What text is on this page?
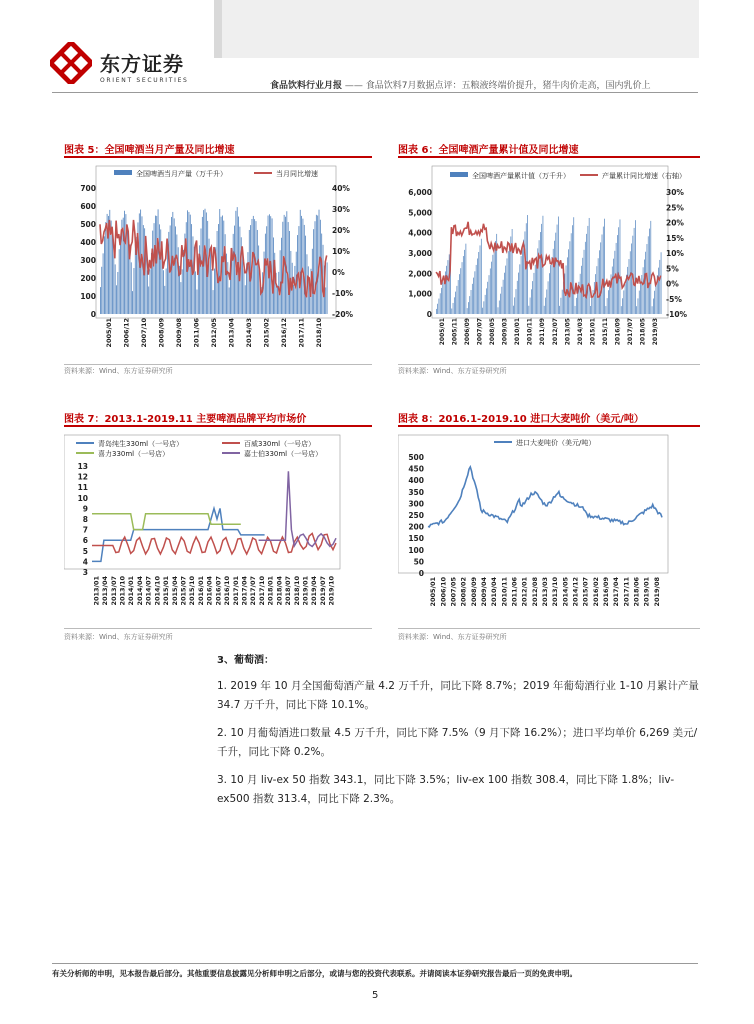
东方证券
ORIENT SECURITIES
食品饮料行业月报 —— 食品饮料7月数据点评：五粮液终端价提升，猪牛肉价走高，国内乳价上
图表 5：全国啤酒当月产量及同比增速
全国啤酒当月产量（万千升）	当月同比增速
700
600
500
400
300
200
100
0
40%
30%
20%
10%
0%
-10%
-20%
2005/01 2006/12 2007/10 2008/09 2009/08 2011/06 2012/05 2013/04 2014/03 2015/02 2016/12 2017/11 2018/10
资料来源：Wind、东方证券研究所
图表 6：全国啤酒产量累计值及同比增速
全国啤酒产量累计值（万千升）	产量累计同比增速（右轴）
6,000
5,000
4,000
3,000
2,000
1,000
0
30%
25%
20%
15%
10%
5%
0%
-5%
-10%
2005/01 2005/11 2006/09 2007/07 2008/05 2009/03 2010/01 2010/11 2011/09 2012/07 2013/05 2014/03 2015/01 2015/11 2016/09 2017/07 2018/05 2019/03
资料来源：Wind、东方证券研究所
图表 7：2013.1-2019.11 主要啤酒品牌平均市场价
青岛纯生330ml（一号店）	百威330ml（一号店）
喜力330ml（一号店）	嘉士伯330ml（一号店）
13
12
11
10
9
8
7
6
5
4
3
2013/01 2013/04 2013/07 2013/10 2014/01 2014/04 2014/07 2014/10 2015/01 2015/04 2015/07 2015/10 2016/01 2016/04 2016/07 2016/10 2017/01 2017/04 2017/07 2017/10 2018/01 2018/04 2018/07 2018/10 2019/01 2019/04 2019/07 2019/10
资料来源：Wind、东方证券研究所
图表 8：2016.1-2019.10 进口大麦吨价（美元/吨）
进口大麦吨价（美元/吨）
500
450
400
350
300
250
200
150
100
50
0
2005/01 2006/10 2007/05 2008/02 2008/09 2009/04 2010/04 2010/11 2011/06 2012/01 2012/08 2013/03 2013/10 2014/05 2014/12 2015/07 2016/02 2016/09 2017/04 2017/11 2018/06 2019/01 2019/08
资料来源：Wind、东方证券研究所
3、葡萄酒：
1. 2019 年 10 月全国葡萄酒产量 4.2 万千升，同比下降 8.7%；2019 年葡萄酒行业 1-10 月累计产量 34.7 万千升，同比下降 10.1%。
2. 10 月葡萄酒进口数量 4.5 万千升，同比下降 7.5%（9 月下降 16.2%）；进口平均单价 6,269 美元/千升，同比下降 0.2%。
3. 10 月 liv-ex 50 指数 343.1，同比下降 3.5%；liv-ex 100 指数 308.4，同比下降 1.8%；liv-ex500 指数 313.4，同比下降 2.3%。
有关分析师的申明，见本报告最后部分。其他重要信息披露见分析师申明之后部分，或请与您的投资代表联系。并请阅读本证券研究报告最后一页的免责申明。
5
